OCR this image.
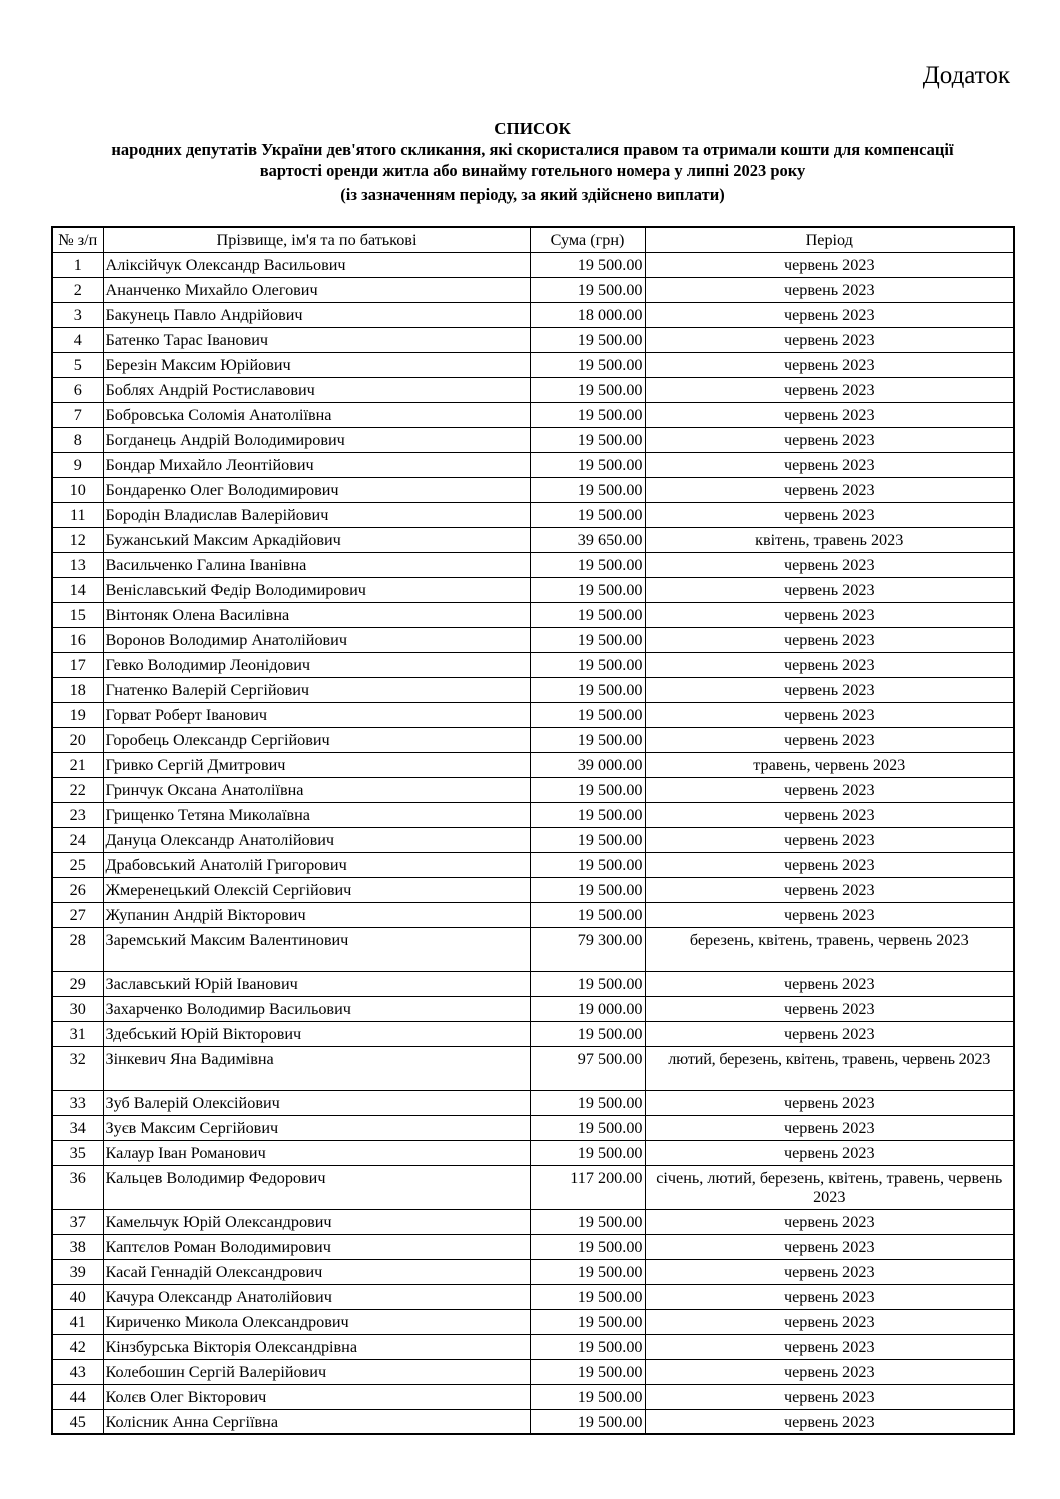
Додаток
СПИСОК
народних депутатів України дев'ятого скликання, які скористалися правом та отримали кошти для компенсації
вартості оренди житла або винайму готельного номера у липні 2023 року
(із зазначенням періоду, за який здійснено виплати)
№ з/п	Прізвище, ім'я та по батькові	Сума (грн)	Період
1	Аліксійчук Олександр Васильович	19 500.00	червень 2023
2	Ананченко Михайло Олегович	19 500.00	червень 2023
3	Бакунець Павло Андрійович	18 000.00	червень 2023
4	Батенко Тарас Іванович	19 500.00	червень 2023
5	Березін Максим Юрійович	19 500.00	червень 2023
6	Боблях Андрій Ростиславович	19 500.00	червень 2023
7	Бобровська Соломія Анатоліївна	19 500.00	червень 2023
8	Богданець Андрій Володимирович	19 500.00	червень 2023
9	Бондар Михайло Леонтійович	19 500.00	червень 2023
10	Бондаренко Олег Володимирович	19 500.00	червень 2023
11	Бородін Владислав Валерійович	19 500.00	червень 2023
12	Бужанський Максим Аркадійович	39 650.00	квітень, травень 2023
13	Васильченко Галина Іванівна	19 500.00	червень 2023
14	Веніславський Федір Володимирович	19 500.00	червень 2023
15	Вінтоняк Олена Василівна	19 500.00	червень 2023
16	Воронов Володимир Анатолійович	19 500.00	червень 2023
17	Гевко Володимир Леонідович	19 500.00	червень 2023
18	Гнатенко Валерій Сергійович	19 500.00	червень 2023
19	Горват Роберт Іванович	19 500.00	червень 2023
20	Горобець Олександр Сергійович	19 500.00	червень 2023
21	Гривко Сергій Дмитрович	39 000.00	травень, червень 2023
22	Гринчук Оксана Анатоліївна	19 500.00	червень 2023
23	Грищенко Тетяна Миколаївна	19 500.00	червень 2023
24	Дануца Олександр Анатолійович	19 500.00	червень 2023
25	Драбовський Анатолій Григорович	19 500.00	червень 2023
26	Жмеренецький Олексій Сергійович	19 500.00	червень 2023
27	Жупанин Андрій Вікторович	19 500.00	червень 2023
28	Заремський Максим Валентинович	79 300.00	березень, квітень, травень, червень 2023
29	Заславський Юрій Іванович	19 500.00	червень 2023
30	Захарченко Володимир Васильович	19 000.00	червень 2023
31	Здебський Юрій Вікторович	19 500.00	червень 2023
32	Зінкевич Яна Вадимівна	97 500.00	лютий, березень, квітень, травень, червень 2023
33	Зуб Валерій Олексійович	19 500.00	червень 2023
34	Зуєв Максим Сергійович	19 500.00	червень 2023
35	Калаур Іван Романович	19 500.00	червень 2023
36	Кальцев Володимир Федорович	117 200.00	січень, лютий, березень, квітень, травень, червень 2023
37	Камельчук Юрій Олександрович	19 500.00	червень 2023
38	Каптєлов Роман Володимирович	19 500.00	червень 2023
39	Касай Геннадій Олександрович	19 500.00	червень 2023
40	Качура Олександр Анатолійович	19 500.00	червень 2023
41	Кириченко Микола Олександрович	19 500.00	червень 2023
42	Кінзбурська Вікторія Олександрівна	19 500.00	червень 2023
43	Колебошин Сергій Валерійович	19 500.00	червень 2023
44	Колєв Олег Вікторович	19 500.00	червень 2023
45	Колісник Анна Сергіївна	19 500.00	червень 2023
